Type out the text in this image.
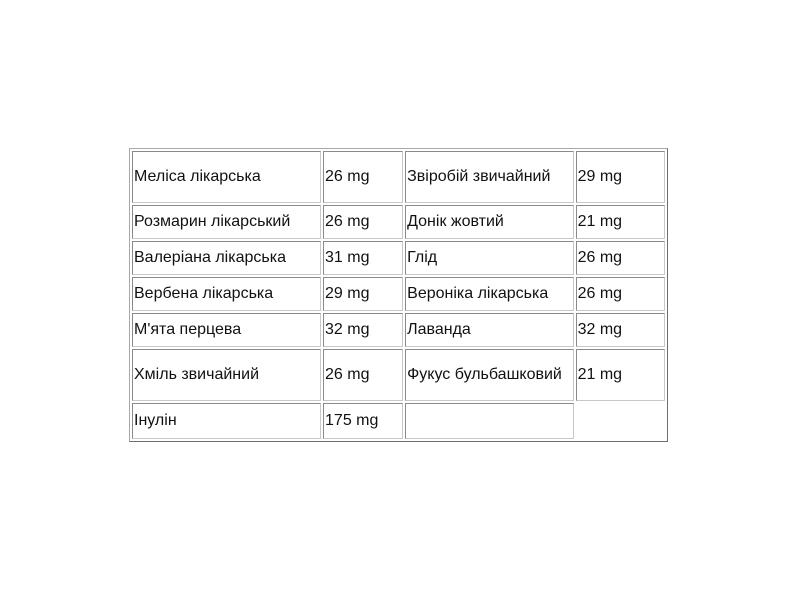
Меліса лікарська	26 mg	Звіробій звичайний	29 mg
Розмарин лікарський	26 mg	Донік жовтий	21 mg
Валеріана лікарська	31 mg	Глід	26 mg
Вербена лікарська	29 mg	Вероніка лікарська	26 mg
М'ята перцева	32 mg	Лаванда	32 mg
Хміль звичайний	26 mg	Фукус бульбашковий	21 mg
Інулін	175 mg		
